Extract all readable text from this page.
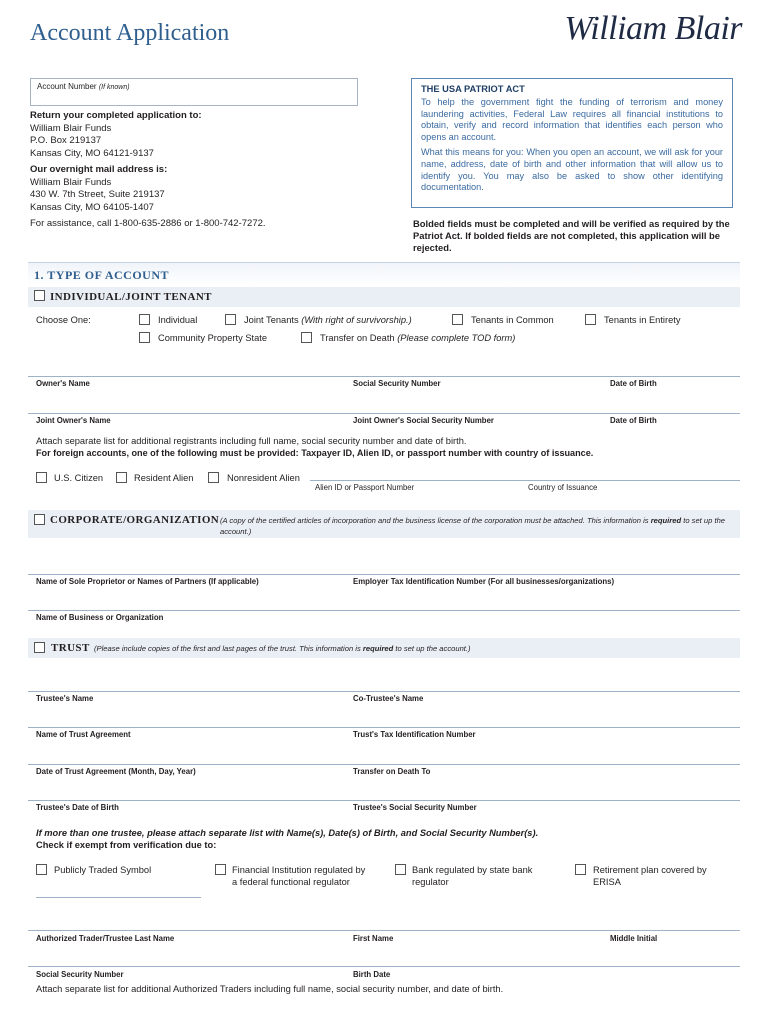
Account Application	William Blair
Account Number (If known)
Return your completed application to:
William Blair Funds
P.O. Box 219137
Kansas City, MO 64121-9137
Our overnight mail address is:
William Blair Funds
430 W. 7th Street, Suite 219137
Kansas City, MO 64105-1407
For assistance, call 1-800-635-2886 or 1-800-742-7272.
THE USA PATRIOT ACT

To help the government fight the funding of terrorism and money laundering activities, Federal Law requires all financial institutions to obtain, verify and record information that identifies each person who opens an account.

What this means for you: When you open an account, we will ask for your name, address, date of birth and other information that will allow us to identify you. You may also be asked to show other identifying documentation.

Bolded fields must be completed and will be verified as required by the Patriot Act. If bolded fields are not completed, this application will be rejected.
1. TYPE OF ACCOUNT
INDIVIDUAL/JOINT TENANT
Choose One:	Individual	Joint Tenants (With right of survivorship.)	Tenants in Common	Tenants in Entirety
Community Property State	Transfer on Death (Please complete TOD form)
Owner's Name	Social Security Number	Date of Birth
Joint Owner's Name	Joint Owner's Social Security Number	Date of Birth
Attach separate list for additional registrants including full name, social security number and date of birth.
For foreign accounts, one of the following must be provided: Taxpayer ID, Alien ID, or passport number with country of issuance.
U.S. Citizen	Resident Alien	Nonresident Alien
Alien ID or Passport Number	Country of Issuance
CORPORATE/ORGANIZATION (A copy of the certified articles of incorporation and the business license of the corporation must be attached. This information is required to set up the account.)
Name of Sole Proprietor or Names of Partners (If applicable)	Employer Tax Identification Number (For all businesses/organizations)
Name of Business or Organization
TRUST (Please include copies of the first and last pages of the trust. This information is required to set up the account.)
Trustee's Name	Co-Trustee's Name
Name of Trust Agreement	Trust's Tax Identification Number
Date of Trust Agreement (Month, Day, Year)	Transfer on Death To
Trustee's Date of Birth	Trustee's Social Security Number
If more than one trustee, please attach separate list with Name(s), Date(s) of Birth, and Social Security Number(s).
Check if exempt from verification due to:
Publicly Traded Symbol	Financial Institution regulated by
a federal functional regulator
Bank regulated by state bank
regulator
Retirement plan covered by
ERISA
Authorized Trader/Trustee Last Name	First Name	Middle Initial
Social Security Number	Birth Date
Attach separate list for additional Authorized Traders including full name, social security number, and date of birth.
